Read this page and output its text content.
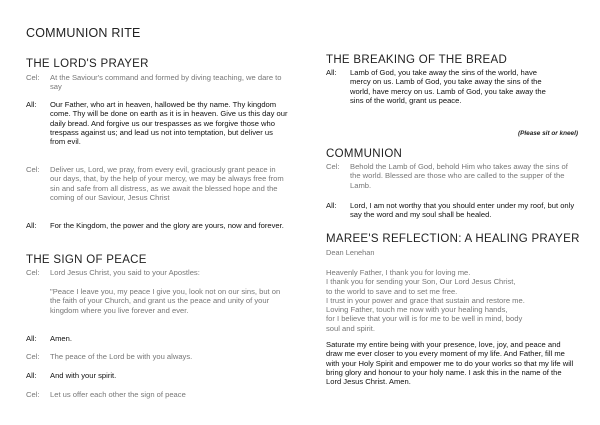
COMMUNION RITE
THE LORD'S PRAYER
Cel:	At the Saviour's command and formed by diving teaching, we dare to say
All:	Our Father, who art in heaven, hallowed be thy name. Thy kingdom come. Thy will be done on earth as it is in heaven. Give us this day our daily bread. And forgive us our trespasses as we forgive those who trespass against us; and lead us not into temptation, but deliver us from evil.
Cel:	Deliver us, Lord, we pray, from every evil, graciously grant peace in our days, that, by the help of your mercy, we may be always free from sin and safe from all distress, as we await the blessed hope and the coming of our Saviour, Jesus Christ
All:	For the Kingdom, the power and the glory are yours, now and forever.
THE SIGN OF PEACE
Cel:	Lord Jesus Christ, you said to your Apostles:
"Peace I leave you, my peace I give you, look not on our sins, but on the faith of your Church, and grant us the peace and unity of your kingdom where you live forever and ever.
All:	Amen.
Cel:	The peace of the Lord be with you always.
All:	And with your spirit.
Cel:	Let us offer each other the sign of peace
THE BREAKING OF THE BREAD
All:	Lamb of God, you take away the sins of the world, have mercy on us. Lamb of God, you take away the sins of the world, have mercy on us. Lamb of God, you take away the sins of the world, grant us peace.
(Please sit or kneel)
COMMUNION
Cel:	Behold the Lamb of God, behold Him who takes away the sins of the world. Blessed are those who are called to the supper of the Lamb.
All:	Lord, I am not worthy that you should enter under my roof, but only say the word and my soul shall be healed.
MAREE'S REFLECTION: A HEALING PRAYER
Dean Lenehan
Heavenly Father, I thank you for loving me.
I thank you for sending your Son, Our Lord Jesus Christ,
to the world to save and to set me free.
I trust in your power and grace that sustain and restore me.
Loving Father, touch me now with your healing hands,
for I believe that your will is for me to be well in mind, body
soul and spirit.
Saturate my entire being with your presence, love, joy, and peace and draw me ever closer to you every moment of my life. And Father, fill me with your Holy Spirit and empower me to do your works so that my life will bring glory and honour to your holy name. I ask this in the name of the Lord Jesus Christ. Amen.
